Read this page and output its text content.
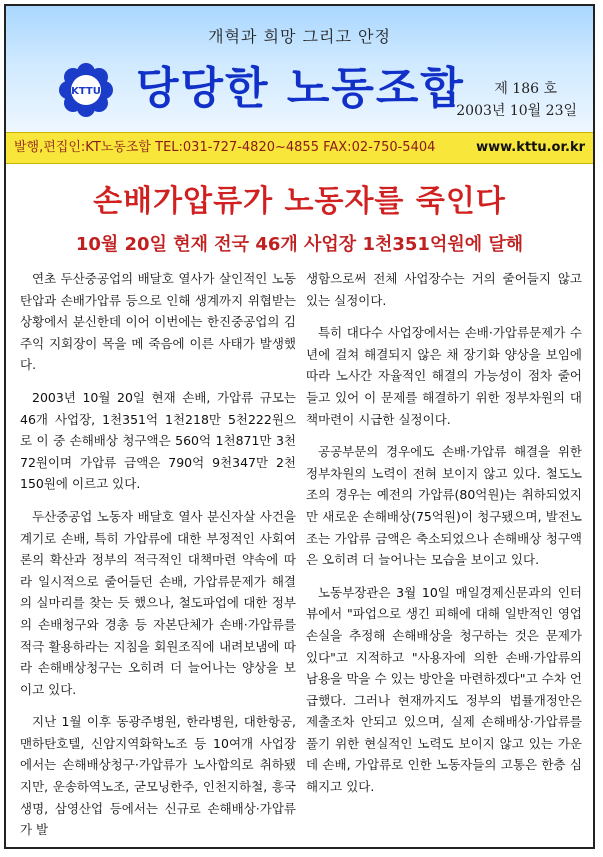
개혁과 희망 그리고 안정
KTTU 당당한 노동조합 제 186 호
2003년 10월 23일
발행,편집인:KT노동조합 TEL:031-727-4820~4855 FAX:02-750-5404	www.kttu.or.kr
손배가압류가 노동자를 죽인다
10월 20일 현재 전국 46개 사업장 1천351억원에 달해

연초 두산중공업의 배달호 열사가 살인적인 노동탄압과 손배가압류 등으로 인해 생계까지 위협받는 상황에서 분신한데 이어 이번에는 한진중공업의 김주익 지회장이 목을 메 죽음에 이른 사태가 발생했다.

2003년 10월 20일 현재 손배, 가압류 규모는 46개 사업장, 1천351억 1천218만 5천222원으로 이 중 손해배상 청구액은 560억 1천871만 3천72원이며 가압류 금액은 790억 9천347만 2천150원에 이르고 있다.

두산중공업 노동자 배달호 열사 분신자살 사건을 계기로 손배, 특히 가압류에 대한 부정적인 사회여론의 확산과 정부의 적극적인 대책마련 약속에 따라 일시적으로 줄어들던 손배, 가압류문제가 해결의 실마리를 찾는 듯 했으나, 철도파업에 대한 정부의 손배청구와 경총 등 자본단체가 손배·가압류를 적극 활용하라는 지침을 회원조직에 내려보냄에 따라 손해배상청구는 오히려 더 늘어나는 양상을 보이고 있다.

지난 1월 이후 동광주병원, 한라병원, 대한항공, 맨하탄호텔, 신암지역화학노조 등 10여개 사업장에서는 손해배상청구·가압류가 노사합의로 취하됐지만, 운송하역노조, 굳모닝한주, 인천지하철, 흥국생명, 삼영산업 등에서는 신규로 손해배상·가압류가 발

생함으로써 전체 사업장수는 거의 줄어들지 않고 있는 실정이다.

특히 대다수 사업장에서는 손배·가압류문제가 수년에 걸쳐 해결되지 않은 채 장기화 양상을 보임에 따라 노사간 자율적인 해결의 가능성이 점차 줄어들고 있어 이 문제를 해결하기 위한 정부차원의 대책마련이 시급한 실정이다.

공공부문의 경우에도 손배·가압류 해결을 위한 정부차원의 노력이 전혀 보이지 않고 있다. 철도노조의 경우는 예전의 가압류(80억원)는 취하되었지만 새로운 손해배상(75억원)이 청구됐으며, 발전노조는 가압류 금액은 축소되었으나 손해배상 청구액은 오히려 더 늘어나는 모습을 보이고 있다.

노동부장관은 3월 10일 매일경제신문과의 인터뷰에서 "파업으로 생긴 피해에 대해 일반적인 영업손실을 추정해 손해배상을 청구하는 것은 문제가 있다"고 지적하고 "사용자에 의한 손배·가압류의 남용을 막을 수 있는 방안을 마련하겠다"고 수차 언급했다. 그러나 현재까지도 정부의 법률개정안은 제출조차 안되고 있으며, 실제 손해배상·가압류를 풀기 위한 현실적인 노력도 보이지 않고 있는 가운데 손배, 가압류로 인한 노동자들의 고통은 한층 심해지고 있다.
